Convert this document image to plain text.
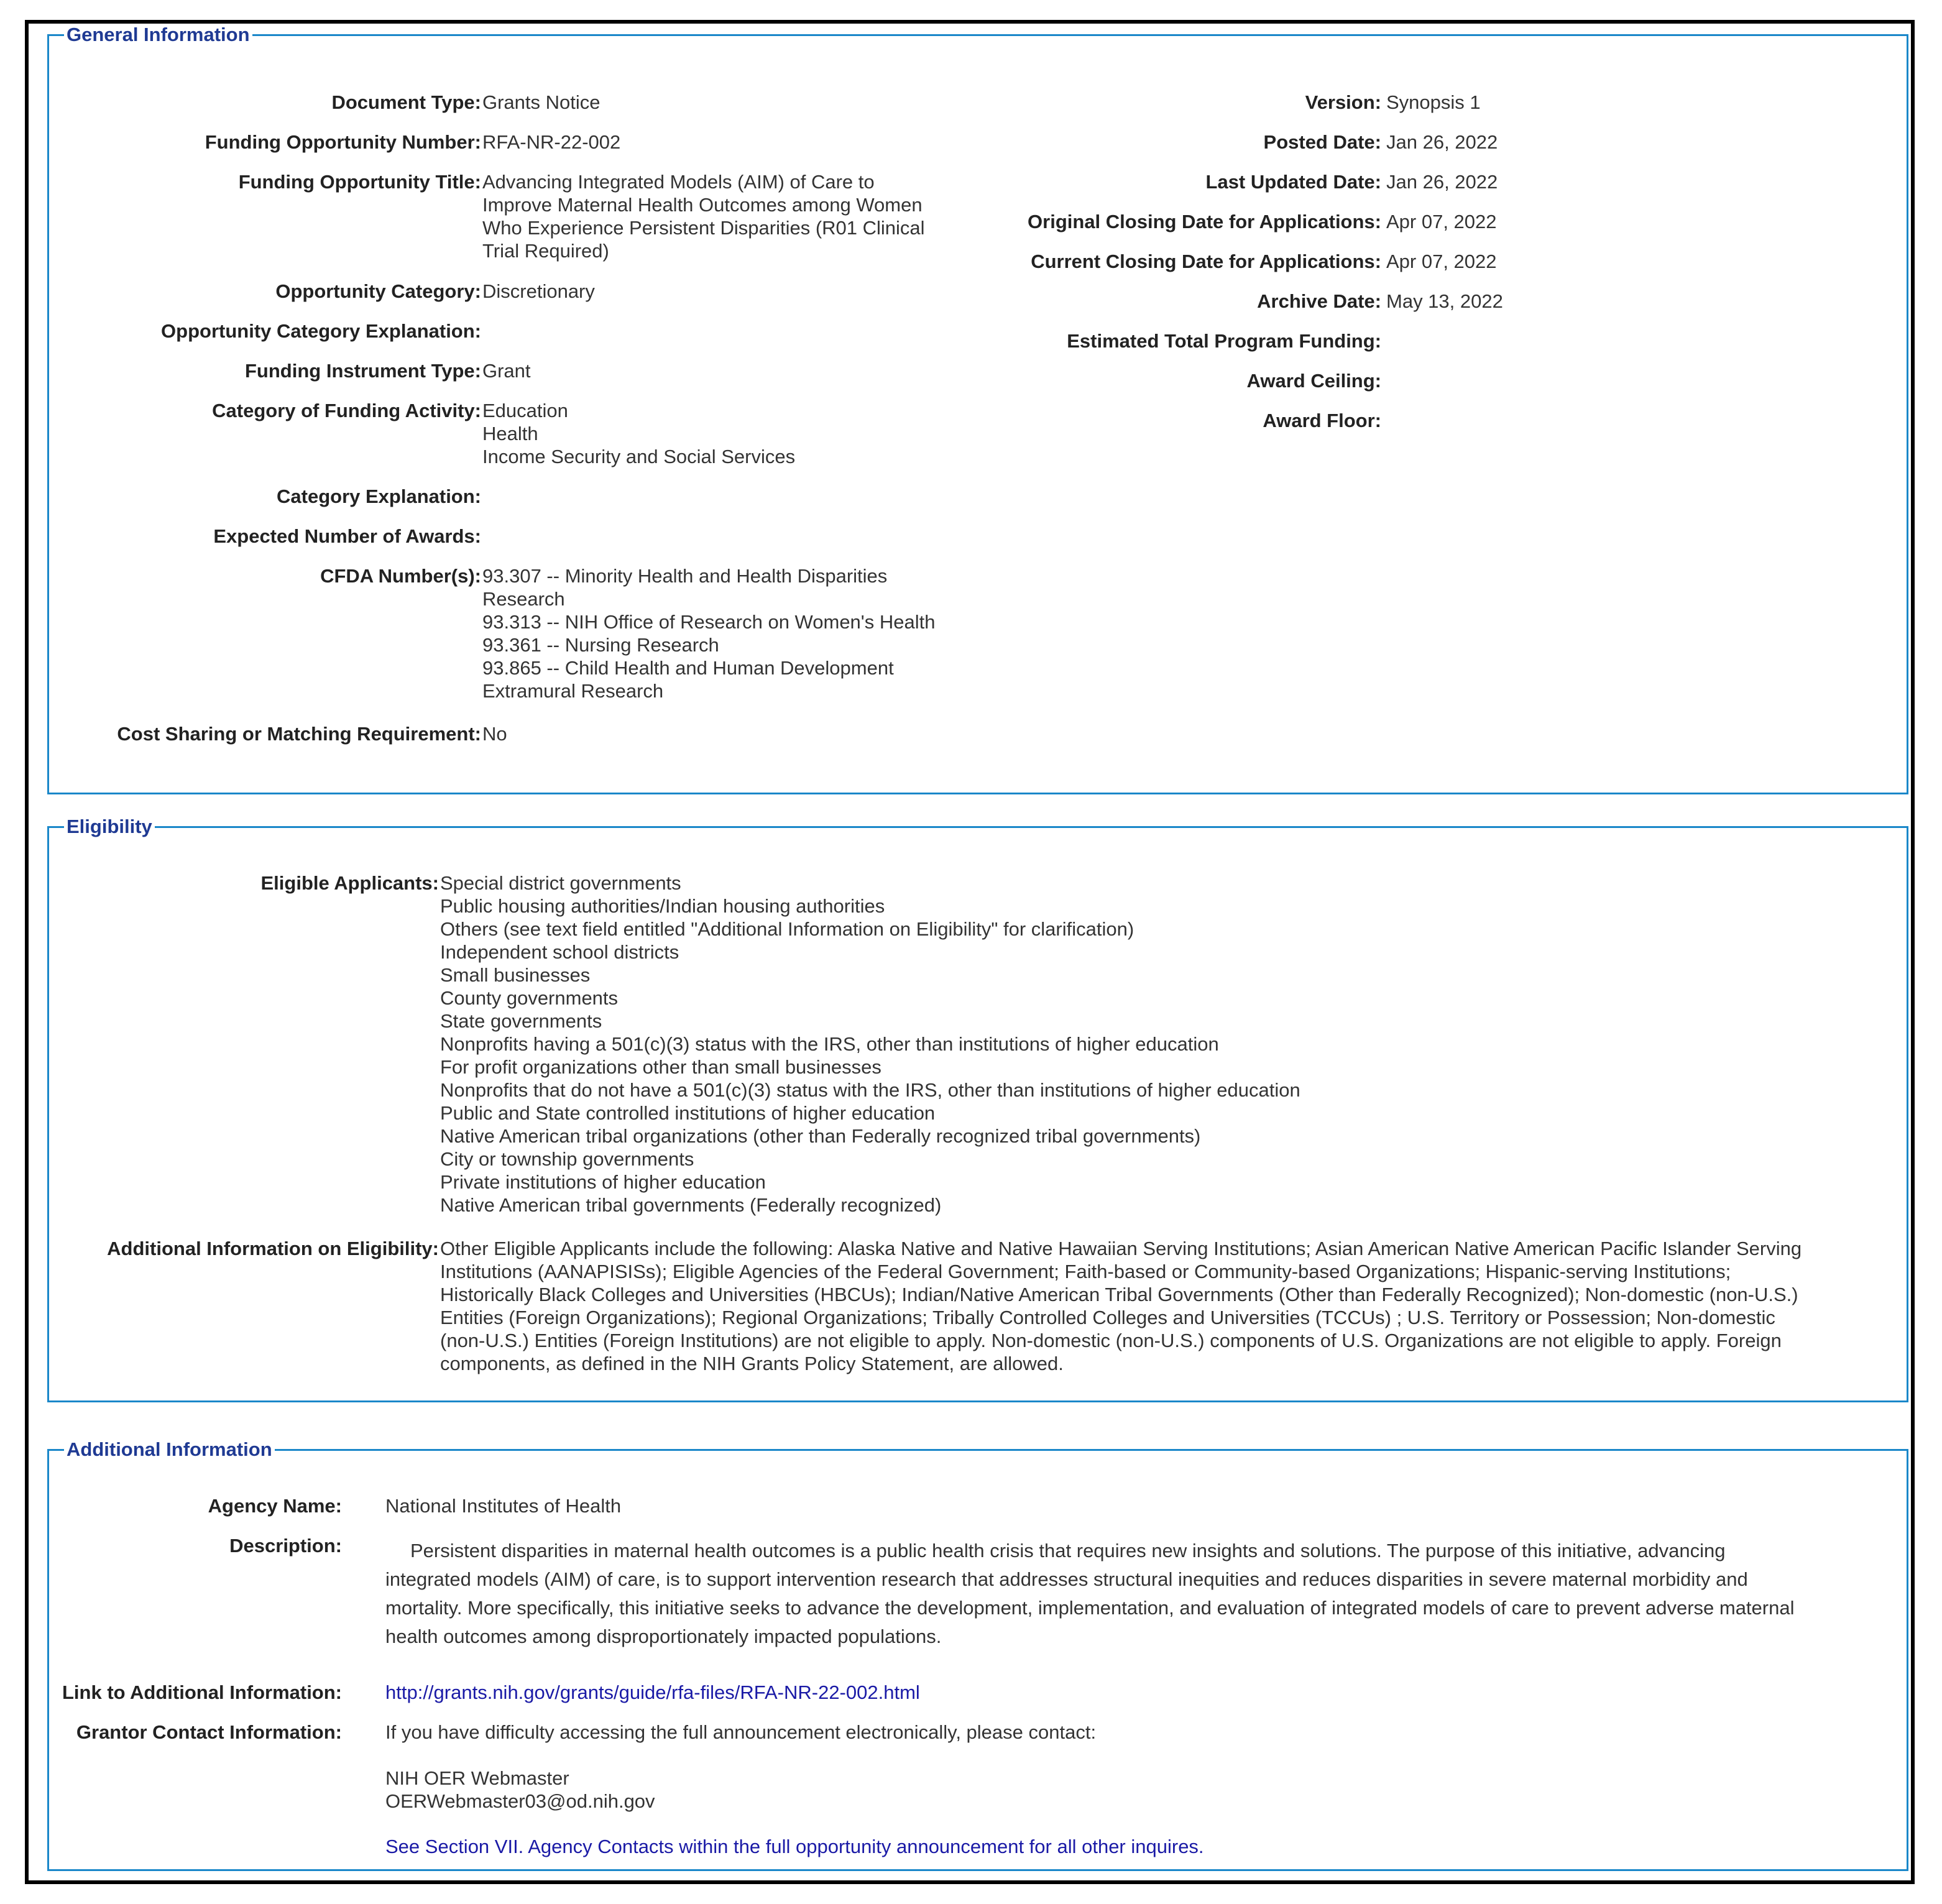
General Information
Document Type: Grants Notice
Funding Opportunity Number: RFA-NR-22-002
Funding Opportunity Title: Advancing Integrated Models (AIM) of Care to
Improve Maternal Health Outcomes among Women
Who Experience Persistent Disparities (R01 Clinical
Trial Required)
Opportunity Category: Discretionary
Opportunity Category Explanation:
Funding Instrument Type: Grant
Category of Funding Activity: Education
Health
Income Security and Social Services
Category Explanation:
Expected Number of Awards:
CFDA Number(s): 93.307 -- Minority Health and Health Disparities
Research
93.313 -- NIH Office of Research on Women's Health
93.361 -- Nursing Research
93.865 -- Child Health and Human Development
Extramural Research
Cost Sharing or Matching Requirement: No
Version: Synopsis 1
Posted Date: Jan 26, 2022
Last Updated Date: Jan 26, 2022
Original Closing Date for Applications: Apr 07, 2022
Current Closing Date for Applications: Apr 07, 2022
Archive Date: May 13, 2022
Estimated Total Program Funding:
Award Ceiling:
Award Floor:
Eligibility
Eligible Applicants: Special district governments
Public housing authorities/Indian housing authorities
Others (see text field entitled "Additional Information on Eligibility" for clarification)
Independent school districts
Small businesses
County governments
State governments
Nonprofits having a 501(c)(3) status with the IRS, other than institutions of higher education
For profit organizations other than small businesses
Nonprofits that do not have a 501(c)(3) status with the IRS, other than institutions of higher education
Public and State controlled institutions of higher education
Native American tribal organizations (other than Federally recognized tribal governments)
City or township governments
Private institutions of higher education
Native American tribal governments (Federally recognized)
Additional Information on Eligibility: Other Eligible Applicants include the following: Alaska Native and Native Hawaiian Serving Institutions; Asian American Native American Pacific Islander Serving
Institutions (AANAPISISs); Eligible Agencies of the Federal Government; Faith-based or Community-based Organizations; Hispanic-serving Institutions;
Historically Black Colleges and Universities (HBCUs); Indian/Native American Tribal Governments (Other than Federally Recognized); Non-domestic (non-U.S.)
Entities (Foreign Organizations); Regional Organizations; Tribally Controlled Colleges and Universities (TCCUs) ; U.S. Territory or Possession; Non-domestic
(non-U.S.) Entities (Foreign Institutions) are not eligible to apply. Non-domestic (non-U.S.) components of U.S. Organizations are not eligible to apply. Foreign
components, as defined in the NIH Grants Policy Statement, are allowed.
Additional Information
Agency Name: National Institutes of Health
Description:	Persistent disparities in maternal health outcomes is a public health crisis that requires new insights and solutions. The purpose of this initiative, advancing
integrated models (AIM) of care, is to support intervention research that addresses structural inequities and reduces disparities in severe maternal morbidity and
mortality. More specifically, this initiative seeks to advance the development, implementation, and evaluation of integrated models of care to prevent adverse maternal
health outcomes among disproportionately impacted populations.
Link to Additional Information: http://grants.nih.gov/grants/guide/rfa-files/RFA-NR-22-002.html
Grantor Contact Information: If you have difficulty accessing the full announcement electronically, please contact:
NIH OER Webmaster
OERWebmaster03@od.nih.gov
See Section VII. Agency Contacts within the full opportunity announcement for all other inquires.
